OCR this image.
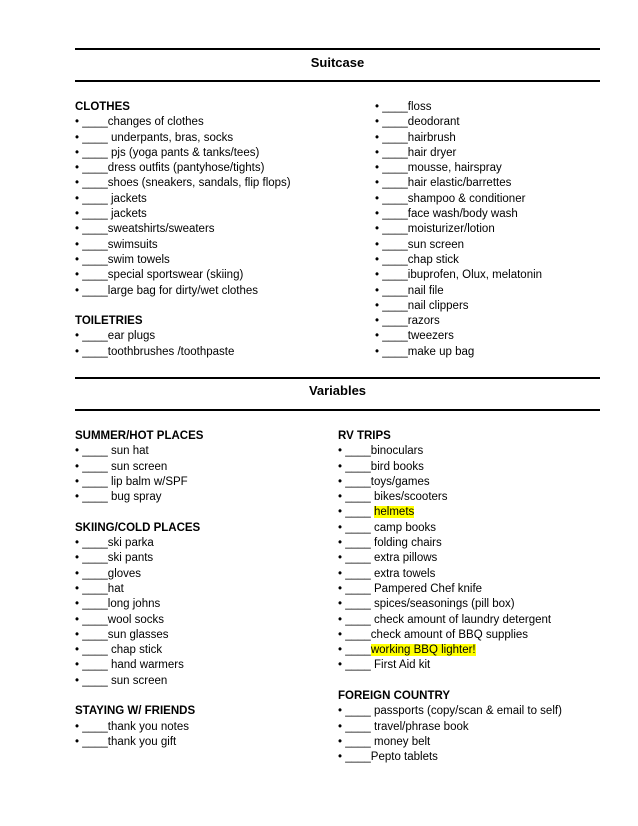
Suitcase
CLOTHES
• ____changes of clothes
• ____ underpants, bras, socks
• ____ pjs (yoga pants & tanks/tees)
• ____dress outfits (pantyhose/tights)
• ____shoes (sneakers, sandals, flip flops)
• ____ jackets
• ____ jackets
• ____sweatshirts/sweaters
• ____swimsuits
• ____swim towels
• ____special sportswear (skiing)
• ____large bag for dirty/wet clothes
TOILETRIES
• ____ear plugs
• ____toothbrushes /toothpaste
• ____floss
• ____deodorant
• ____hairbrush
• ____hair dryer
• ____mousse, hairspray
• ____hair elastic/barrettes
• ____shampoo & conditioner
• ____face wash/body wash
• ____moisturizer/lotion
• ____sun screen
• ____chap stick
• ____ibuprofen, Olux, melatonin
• ____nail file
• ____nail clippers
• ____razors
• ____tweezers
• ____make up bag
Variables
SUMMER/HOT PLACES
• ____ sun hat
• ____ sun screen
• ____ lip balm w/SPF
• ____ bug spray
SKIING/COLD PLACES
• ____ski parka
• ____ski pants
• ____gloves
• ____hat
• ____long johns
• ____wool socks
• ____sun glasses
• ____ chap stick
• ____ hand warmers
• ____ sun screen
STAYING W/ FRIENDS
• ____thank you notes
• ____thank you gift
RV TRIPS
• ____binoculars
• ____bird books
• ____toys/games
• ____ bikes/scooters
• ____ helmets
• ____ camp books
• ____ folding chairs
• ____ extra pillows
• ____ extra towels
• ____ Pampered Chef knife
• ____ spices/seasonings (pill box)
• ____ check amount of laundry detergent
• ____check amount of BBQ supplies
• ____working BBQ lighter!
• ____ First Aid kit
FOREIGN COUNTRY
• ____ passports (copy/scan & email to self)
• ____ travel/phrase book
• ____ money belt
• ____Pepto tablets
